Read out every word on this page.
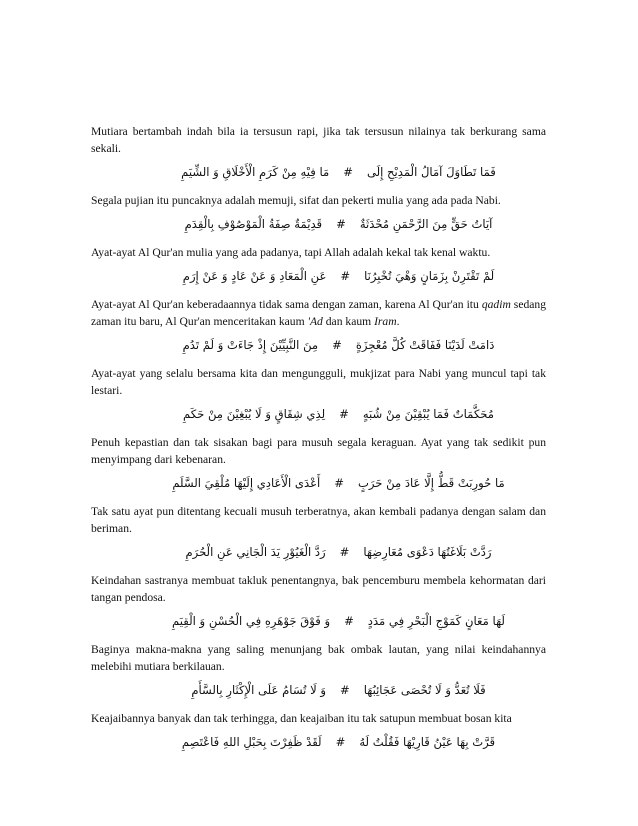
Mutiara bertambah indah bila ia tersusun rapi, jika tak tersusun nilainya tak berkurang sama sekali.

فَمَا تَطَاوَلَ آمَالُ الْمَدِيْحِ إِلَى#مَا فِيْهِ مِنْ كَرَمِ الْأَخْلَاقِ وَ الشِّيَمِ

Segala pujian itu puncaknya adalah memuji, sifat dan pekerti mulia yang ada pada Nabi.

آيَاتُ حَقٍّ مِنَ الرَّحْمَنِ مُحْدَثَةٌ#قَدِيْمَةٌ صِفَةُ الْمَوْصُوْفِ بِالْقِدَمِ

Ayat-ayat Al Qur'an mulia yang ada padanya, tapi Allah adalah kekal tak kenal waktu.

لَمْ تَقْتَرِنْ بِزَمَانٍ وَهْيَ تُخْبِرُنَا#عَنِ الْمَعَادِ وَ عَنْ عَادٍ وَ عَنْ إِرَمِ

Ayat-ayat Al Qur'an keberadaannya tidak sama dengan zaman, karena Al Qur'an itu qadim sedang zaman itu baru, Al Qur'an menceritakan kaum 'Ad dan kaum Iram.

دَامَتْ لَدَيْنَا فَفَاقَتْ كُلَّ مُعْجِزَةٍ#مِنَ النَّبِيِّيْنَ إِذْ جَاءَتْ وَ لَمْ تَدُمِ

Ayat-ayat yang selalu bersama kita dan mengungguli, mukjizat para Nabi yang muncul tapi tak lestari.

مُحَكَّمَاتٌ فَمَا يُبْقِيْنَ مِنْ شُبَهٍ#لِذِي شِقَاقٍ وَ لَا يُبْغِيْنَ مِنْ حَكَمِ

Penuh kepastian dan tak sisakan bagi para musuh segala keraguan. Ayat yang tak sedikit pun menyimpang dari kebenaran.

مَا حُورِبَتْ قَطُّ إِلَّا عَادَ مِنْ حَرَبٍ#أَعْدَى الْأَعَادِي إِلَيْهَا مُلْقِيَ السَّلَمِ

Tak satu ayat pun ditentang kecuali musuh terberatnya, akan kembali padanya dengan salam dan beriman.

رَدَّتْ بَلَاغَتُهَا دَعْوَى مُعَارِضِهَا#رَدَّ الْغَيُوْرِ يَدَ الْجَانِي عَنِ الْحُرَمِ

Keindahan sastranya membuat takluk penentangnya, bak pencemburu membela kehormatan dari tangan pendosa.

لَهَا مَعَانٍ كَمَوْجِ الْبَحْرِ فِي مَدَدٍ#وَ فَوْقَ جَوْهَرِهِ فِي الْحُسْنِ وَ الْقِيَمِ

Baginya makna-makna yang saling menunjang bak ombak lautan, yang nilai keindahannya melebihi mutiara berkilauan.

فَلَا تُعَدُّ وَ لَا تُحْصَى عَجَائِبُهَا#وَ لَا تُسَامُ عَلَى الْإِكْثَارِ بِالسَّأَمِ

Keajaibannya banyak dan tak terhingga, dan keajaiban itu tak satupun membuat bosan kita

قَرَّتْ بِهَا عَيْنُ قَارِيْهَا فَقُلْتُ لَهُ#لَقَدْ ظَفِرْتَ بِحَبْلِ اللهِ فَاعْتَصِمِ
